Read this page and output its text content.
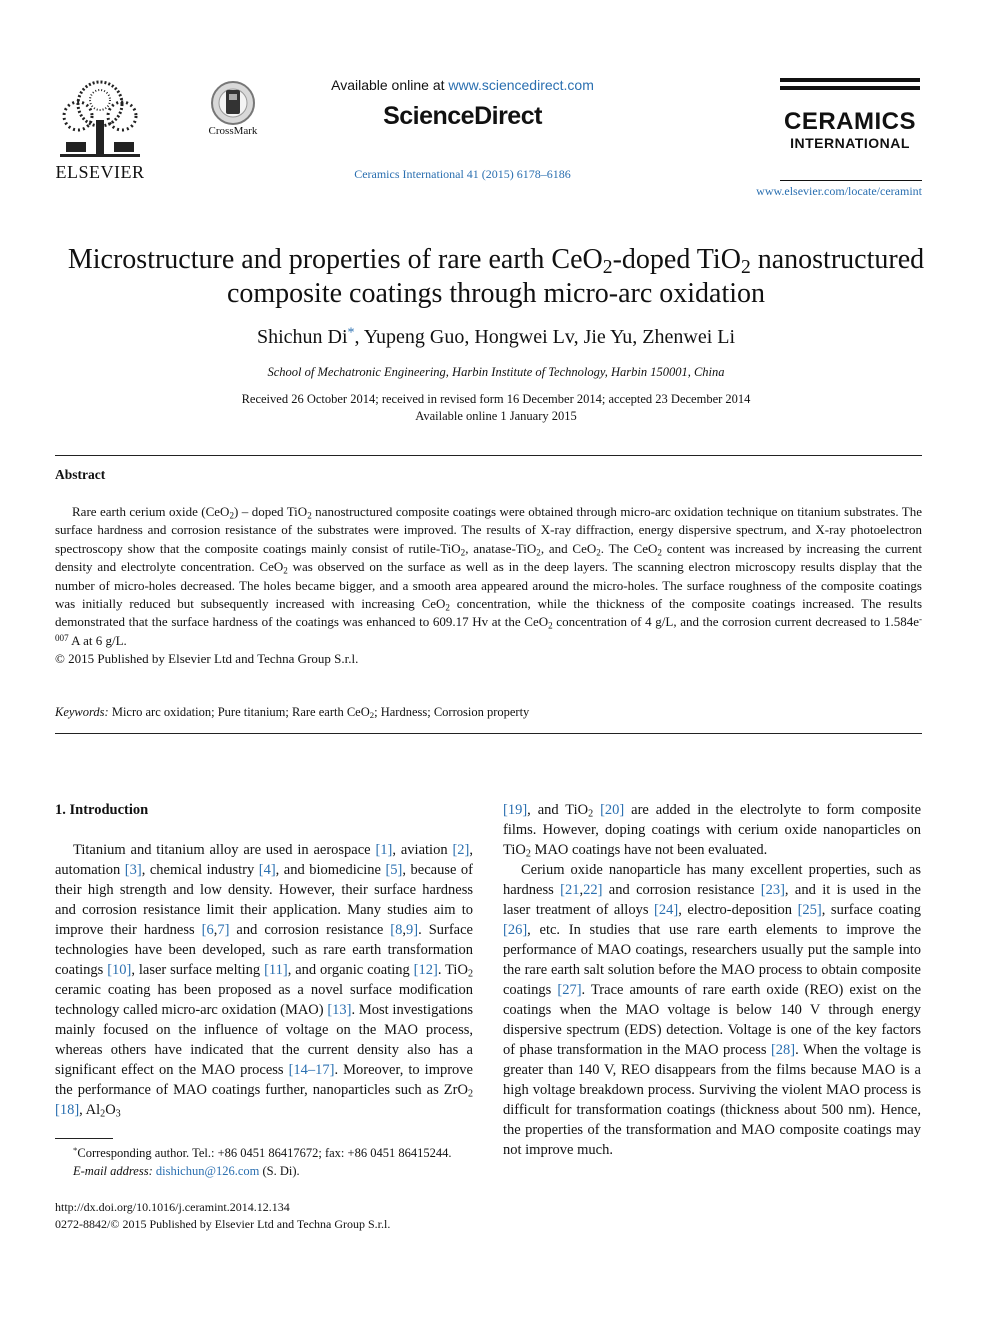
ELSEVIER
CrossMark
Available online at www.sciencedirect.com
ScienceDirect
Ceramics International 41 (2015) 6178–6186
CERAMICS
INTERNATIONAL
www.elsevier.com/locate/ceramint
Microstructure and properties of rare earth CeO$_2$-doped TiO$_2$ nanostructured
composite coatings through micro-arc oxidation
Shichun Di*, Yupeng Guo, Hongwei Lv, Jie Yu, Zhenwei Li
School of Mechatronic Engineering, Harbin Institute of Technology, Harbin 150001, China
Received 26 October 2014; received in revised form 16 December 2014; accepted 23 December 2014
Available online 1 January 2015
Abstract

Rare earth cerium oxide (CeO$_2$) – doped TiO$_2$ nanostructured composite coatings were obtained through micro-arc oxidation technique on titanium substrates. The surface hardness and corrosion resistance of the substrates were improved. The results of X-ray diffraction, energy dispersive spectrum, and X-ray photoelectron spectroscopy show that the composite coatings mainly consist of rutile-TiO$_2$, anatase-TiO$_2$, and CeO$_2$. The CeO$_2$ content was increased by increasing the current density and electrolyte concentration. CeO$_2$ was observed on the surface as well as in the deep layers. The scanning electron microscopy results display that the number of micro-holes decreased. The holes became bigger, and a smooth area appeared around the micro-holes. The surface roughness of the composite coatings was initially reduced but subsequently increased with increasing CeO$_2$ concentration, while the thickness of the composite coatings increased. The results demonstrated that the surface hardness of the coatings was enhanced to 609.17 Hv at the CeO$_2$ concentration of 4 g/L, and the corrosion current decreased to $1.584e^{-007}$ A at 6 g/L.

© 2015 Published by Elsevier Ltd and Techna Group S.r.l.
Keywords: Micro arc oxidation; Pure titanium; Rare earth CeO$_2$; Hardness; Corrosion property

1. Introduction

Titanium and titanium alloy are used in aerospace [1], aviation [2], automation [3], chemical industry [4], and biomedicine [5], because of their high strength and low density. However, their surface hardness and corrosion resistance limit their application. Many studies aim to improve their hardness [6,7] and corrosion resistance [8,9]. Surface technologies have been developed, such as rare earth transformation coatings [10], laser surface melting [11], and organic coating [12]. TiO$_2$ ceramic coating has been proposed as a novel surface modification technology called micro-arc oxidation (MAO) [13]. Most investigations mainly focused on the influence of voltage on the MAO process, whereas others have indicated that the current density also has a significant effect on the MAO process [14–17]. Moreover, to improve the performance of MAO coatings further, nanoparticles such as ZrO$_2$ [18], $Al_2O_3$

[19], and TiO$_2$ [20] are added in the electrolyte to form composite films. However, doping coatings with cerium oxide nanoparticles on TiO$_2$ MAO coatings have not been evaluated.

Cerium oxide nanoparticle has many excellent properties, such as hardness [21,22] and corrosion resistance [23], and it is used in the laser treatment of alloys [24], electro-deposition [25], surface coating [26], etc. In studies that use rare earth elements to improve the performance of MAO coatings, researchers usually put the sample into the rare earth salt solution before the MAO process to obtain composite coatings [27]. Trace amounts of rare earth oxide (REO) exist on the coatings when the MAO voltage is below 140 V through energy dispersive spectrum (EDS) detection. Voltage is one of the key factors of phase transformation in the MAO process [28]. When the voltage is greater than 140 V, REO disappears from the films because MAO is a high voltage breakdown process. Surviving the violent MAO process is difficult for transformation coatings (thickness about 500 nm). Hence, the properties of the transformation and MAO composite coatings may not improve much.

*Corresponding author. Tel.: +86 0451 86417672; fax: +86 0451 86415244.
E-mail address: dishichun@126.com (S. Di).
http://dx.doi.org/10.1016/j.ceramint.2014.12.134
0272-8842/© 2015 Published by Elsevier Ltd and Techna Group S.r.l.
